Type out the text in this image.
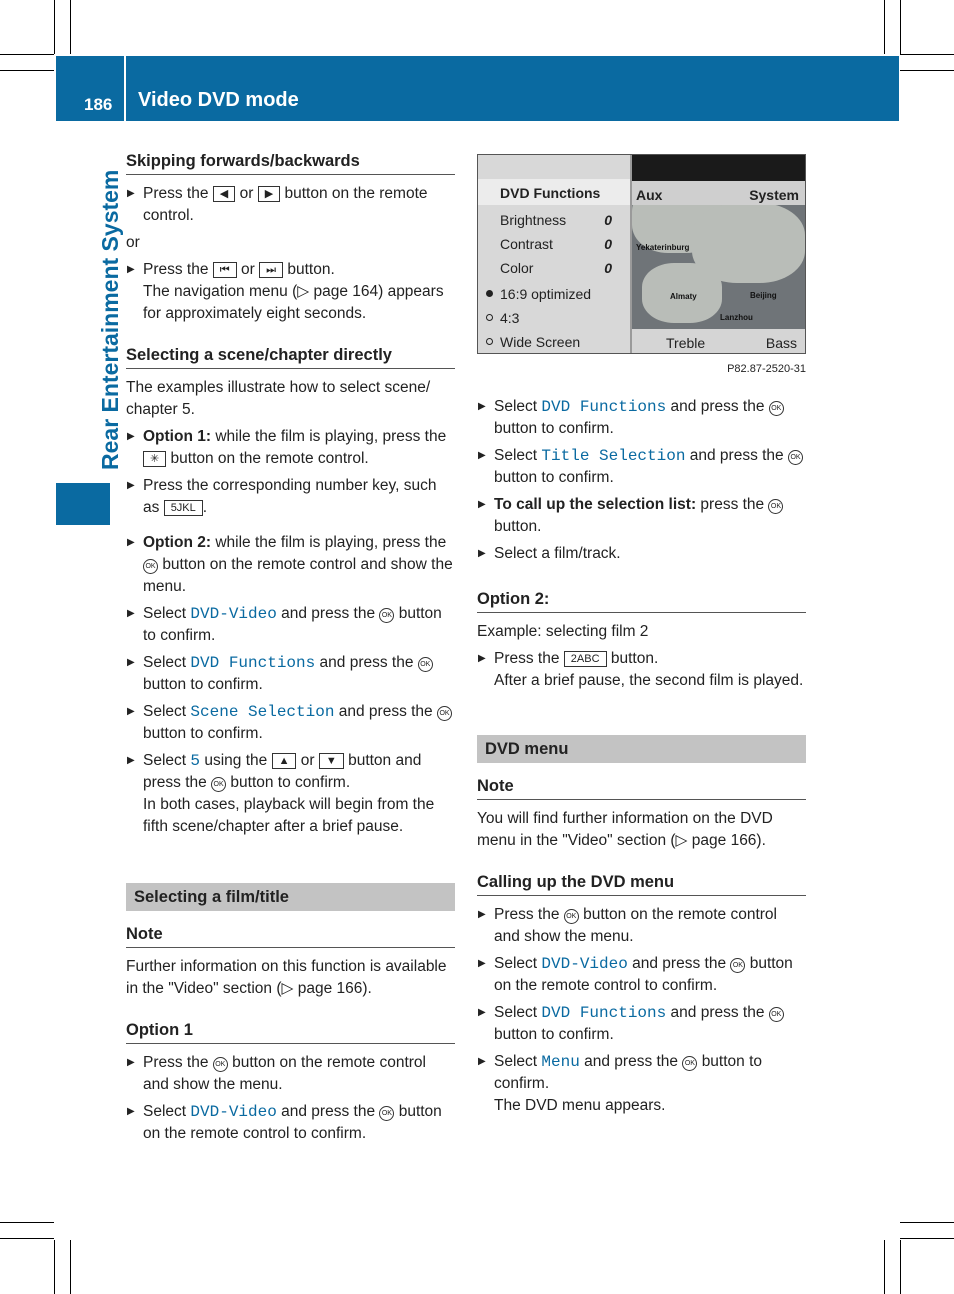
186 Video DVD mode
Rear Entertainment System
Skipping forwards/backwards
▶ Press the ◀ or ▶ button on the remote control.

or

▶ Press the ⏮ or ⏭ button.
The navigation menu (▷ page 164) appears for approximately eight seconds.
Selecting a scene/chapter directly

The examples illustrate how to select scene/ chapter 5.

▶ Option 1: while the film is playing, press the ✳ button on the remote control.
▶ Press the corresponding number key, such as 5JKL .
▶ Option 2: while the film is playing, press the OK button on the remote control and show the menu.
▶ Select DVD-Video and press the OK button to confirm.
▶ Select DVD Functions and press the OK button to confirm.
▶ Select Scene Selection and press the OK button to confirm.
▶ Select 5 using the ▲ or ▼ button and press the OK button to confirm.
In both cases, playback will begin from the fifth scene/chapter after a brief pause.
Selecting a film/title
Note

Further information on this function is available in the "Video" section (▷ page 166).

Option 1
▶ Press the OK button on the remote control and show the menu.
▶ Select DVD-Video and press the OK button on the remote control to confirm.
Aux	System
Yekaterinburg
Almaty	Beijing
Lanzhou
Treble	Bass
DVD Functions
Brightness	0
Contrast	0
Color	0
16:9 optimized
4:3
Wide Screen
P82.87-2520-31
▶ Select DVD Functions and press the OK button to confirm.
▶ Select Title Selection and press the OK button to confirm.
▶ To call up the selection list: press the OK button.
▶ Select a film/track.
Option 2:

Example: selecting film 2

▶ Press the 2ABC button.
After a brief pause, the second film is played.
DVD menu
Note

You will find further information on the DVD menu in the "Video" section (▷ page 166).

Calling up the DVD menu
▶ Press the OK button on the remote control and show the menu.
▶ Select DVD-Video and press the OK button on the remote control to confirm.
▶ Select DVD Functions and press the OK button to confirm.
▶ Select Menu and press the OK button to confirm.
The DVD menu appears.
